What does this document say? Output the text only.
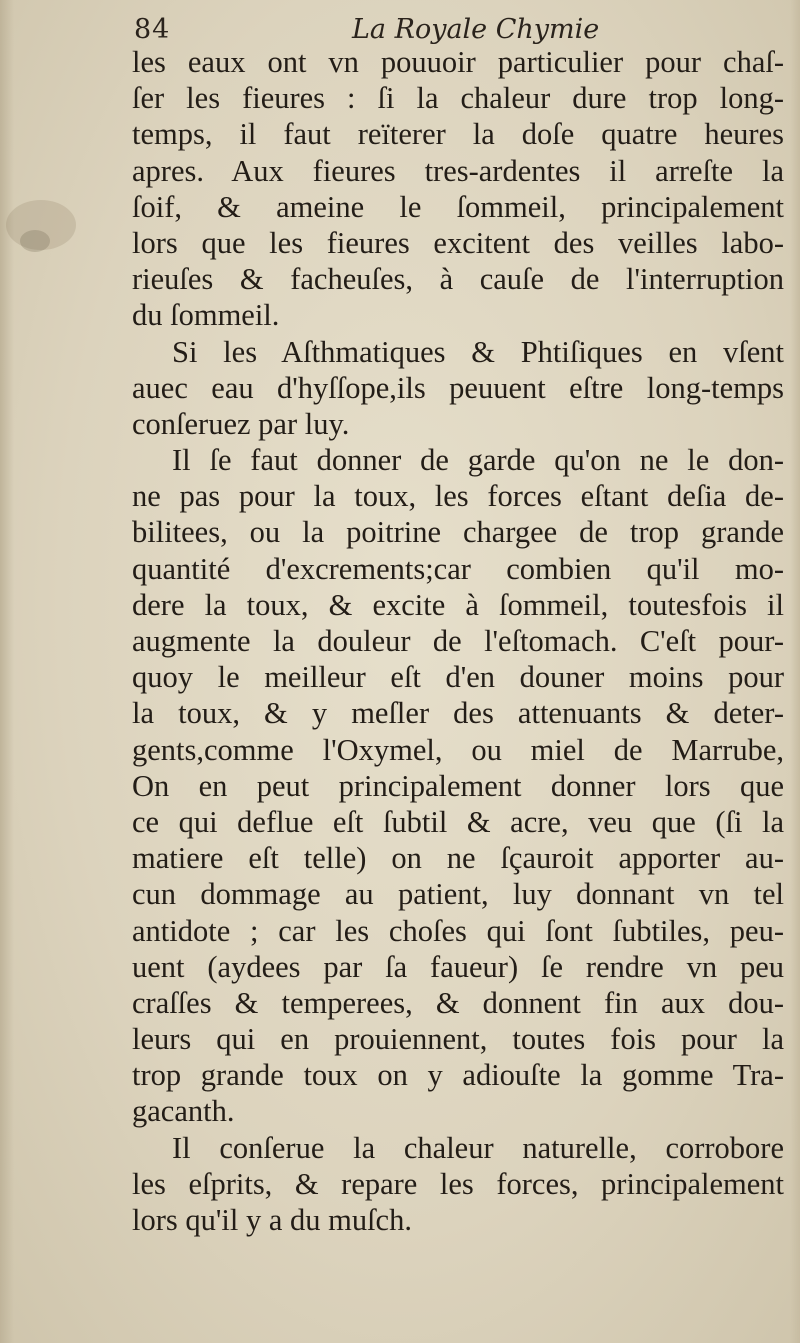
84	La Royale Chymie
les eaux ont vn pouuoir particulier pour chaſ-
ſer les fieures : ſi la chaleur dure trop long-
temps, il faut reïterer la doſe quatre heures
apres. Aux fieures tres-ardentes il arreſte la
ſoif, & ameine le ſommeil, principalement
lors que les fieures excitent des veilles labo-
rieuſes & facheuſes, à cauſe de l'interruption
du ſommeil.
Si les Aſthmatiques & Phtiſiques en vſent
auec eau d'hyſſope,ils peuuent eſtre long-temps
conſeruez par luy.
Il ſe faut donner de garde qu'on ne le don-
ne pas pour la toux, les forces eſtant deſia de-
bilitees, ou la poitrine chargee de trop grande
quantité d'excrements;car combien qu'il mo-
dere la toux, & excite à ſommeil, toutesfois il
augmente la douleur de l'eſtomach. C'eſt pour-
quoy le meilleur eſt d'en douner moins pour
la toux, & y meſler des attenuants & deter-
gents,comme l'Oxymel, ou miel de Marrube,
On en peut principalement donner lors que
ce qui deflue eſt ſubtil & acre, veu que (ſi la
matiere eſt telle) on ne ſçauroit apporter au-
cun dommage au patient, luy donnant vn tel
antidote ; car les choſes qui ſont ſubtiles, peu-
uent (aydees par ſa faueur) ſe rendre vn peu
craſſes & temperees, & donnent fin aux dou-
leurs qui en prouiennent, toutes fois pour la
trop grande toux on y adiouſte la gomme Tra-
gacanth.
Il conſerue la chaleur naturelle, corrobore
les eſprits, & repare les forces, principalement
lors qu'il y a du muſch.
